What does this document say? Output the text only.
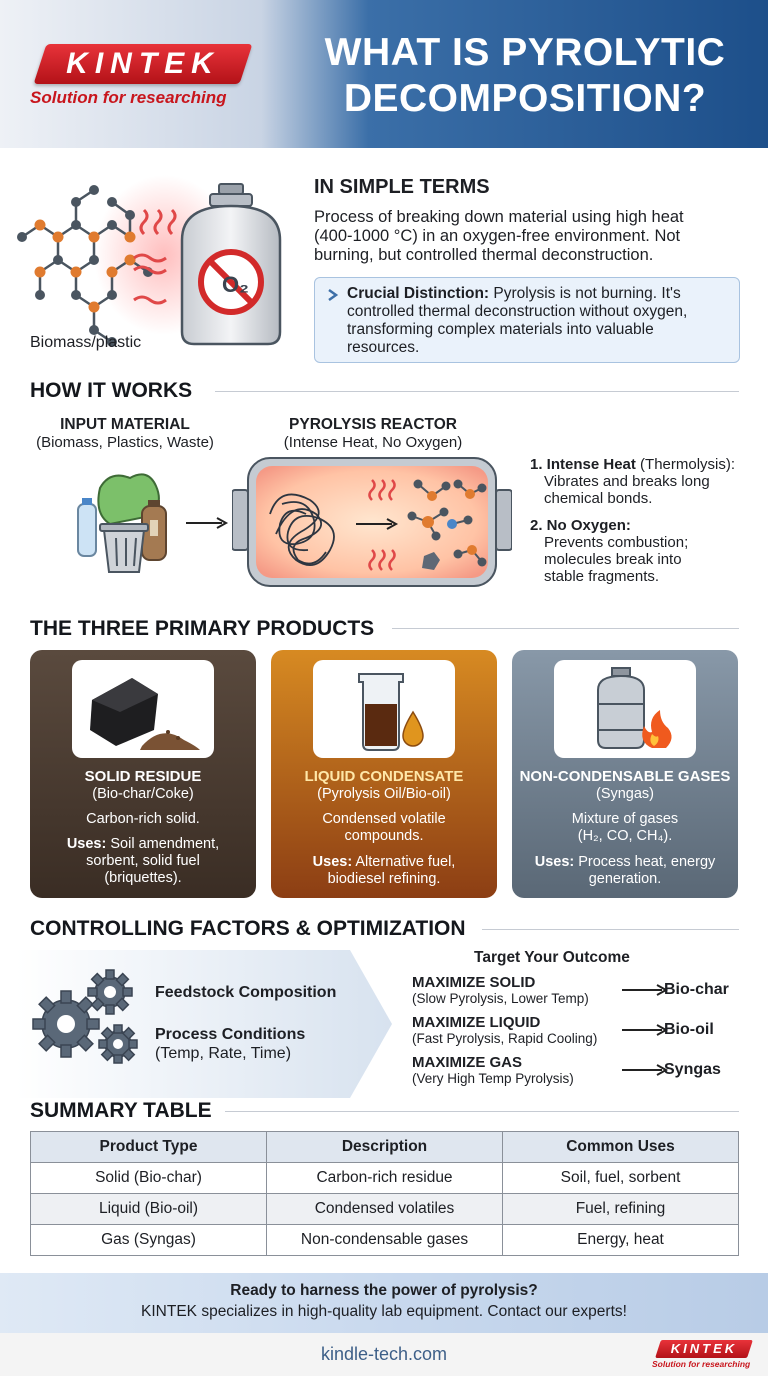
KINTEK
Solution for researching
WHAT IS PYROLYTIC
DECOMPOSITION?
O₂
Biomass/plastic
IN SIMPLE TERMS
Process of breaking down material using high heat
(400-1000 °C) in an oxygen-free environment. Not
burning, but controlled thermal deconstruction.
Crucial Distinction: Pyrolysis is not burning. It's
controlled thermal deconstruction without oxygen,
transforming complex materials into valuable
resources.
HOW IT WORKS
INPUT MATERIAL
(Biomass, Plastics, Waste)
PYROLYSIS REACTOR
(Intense Heat, No Oxygen)
1. Intense Heat (Thermolysis):
Vibrates and breaks long
chemical bonds.
2. No Oxygen:
Prevents combustion;
molecules break into
stable fragments.
THE THREE PRIMARY PRODUCTS
SOLID RESIDUE
(Bio-char/Coke)
Carbon-rich solid.
Uses: Soil amendment,
sorbent, solid fuel
(briquettes).
LIQUID CONDENSATE
(Pyrolysis Oil/Bio-oil)
Condensed volatile
compounds.
Uses: Alternative fuel,
biodiesel refining.
NON-CONDENSABLE GASES
(Syngas)
Mixture of gases
(H₂, CO, CH₄).
Uses: Process heat, energy
generation.
CONTROLLING FACTORS & OPTIMIZATION
Feedstock Composition
Process Conditions
(Temp, Rate, Time)
Target Your Outcome
MAXIMIZE SOLID
(Slow Pyrolysis, Lower Temp)
Bio-char
MAXIMIZE LIQUID
(Fast Pyrolysis, Rapid Cooling)
Bio-oil
MAXIMIZE GAS
(Very High Temp Pyrolysis)
Syngas
SUMMARY TABLE
Product Type	Description	Common Uses
Solid (Bio-char)	Carbon-rich residue	Soil, fuel, sorbent
Liquid (Bio-oil)	Condensed volatiles	Fuel, refining
Gas (Syngas)	Non-condensable gases	Energy, heat
Ready to harness the power of pyrolysis?
KINTEK specializes in high-quality lab equipment. Contact our experts!
kindle-tech.com	KINTEK
Solution for researching
